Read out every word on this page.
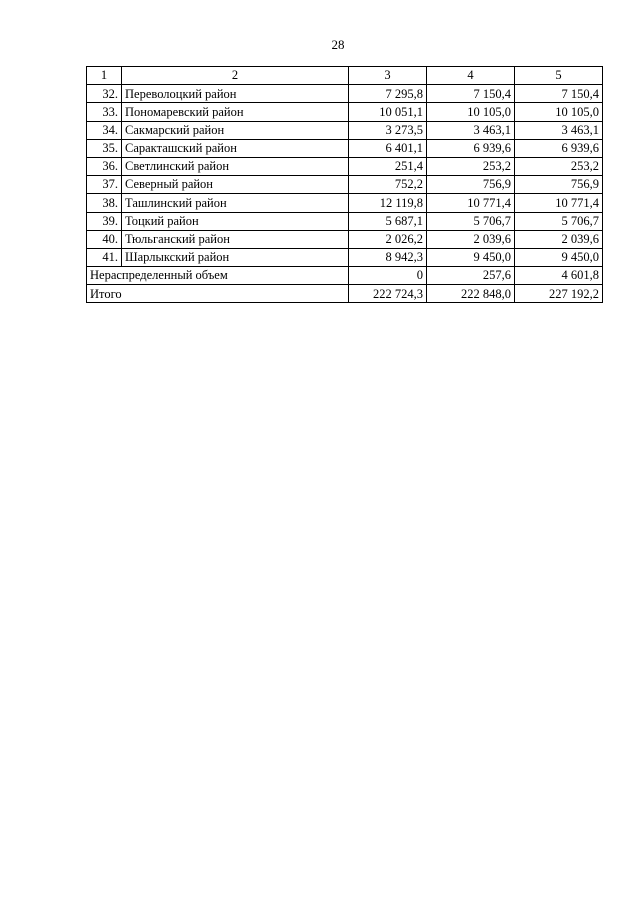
28
1	2	3	4	5
32.	Переволоцкий район	7 295,8	7 150,4	7 150,4
33.	Пономаревский район	10 051,1	10 105,0	10 105,0
34.	Сакмарский район	3 273,5	3 463,1	3 463,1
35.	Саракташский район	6 401,1	6 939,6	6 939,6
36.	Светлинский район	251,4	253,2	253,2
37.	Северный район	752,2	756,9	756,9
38.	Ташлинский район	12 119,8	10 771,4	10 771,4
39.	Тоцкий район	5 687,1	5 706,7	5 706,7
40.	Тюльганский район	2 026,2	2 039,6	2 039,6
41.	Шарлыкский район	8 942,3	9 450,0	9 450,0
Нераспределенный объем		0	257,6	4 601,8
Итого		222 724,3	222 848,0	227 192,2
